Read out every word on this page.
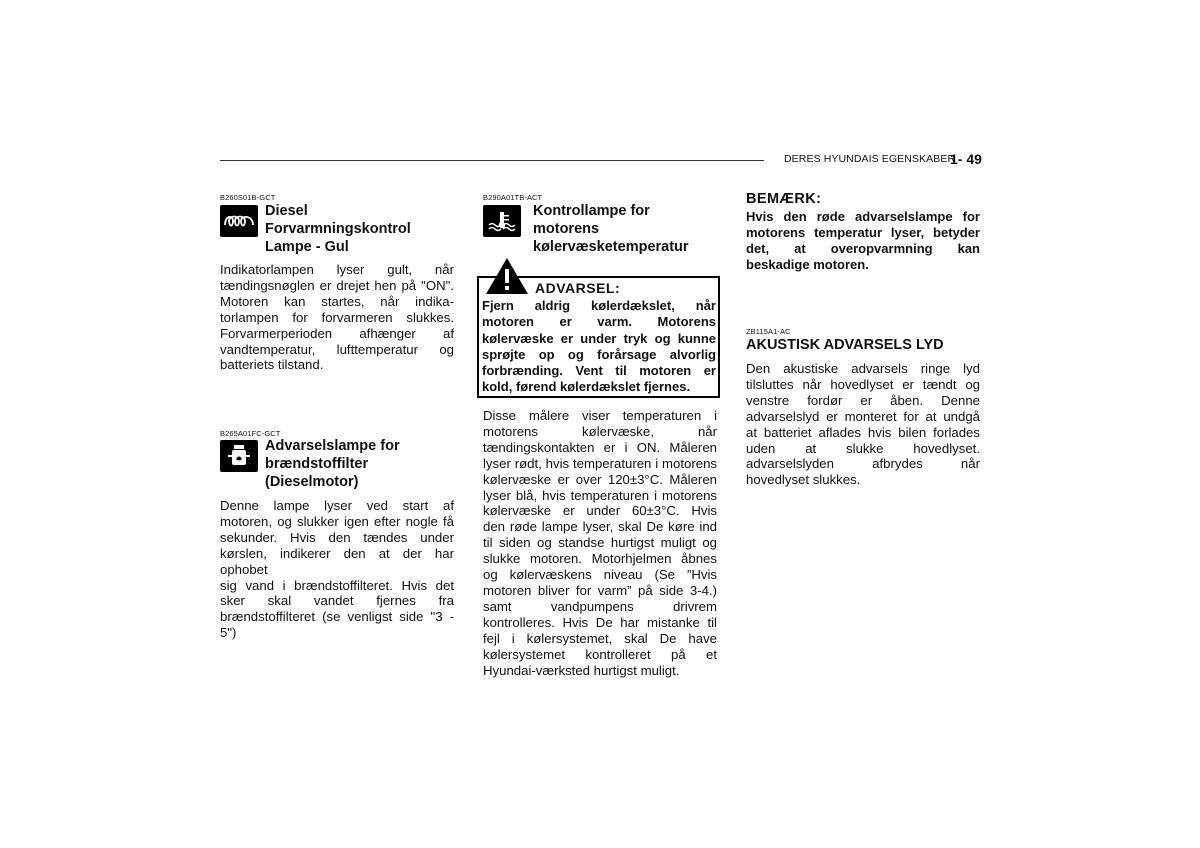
DERES HYUNDAIS EGENSKABER
1- 49
B260S01B-GCT
Diesel
Forvarmningskontrol
Lampe - Gul
Indikatorlampen lyser gult, når
tændingsnøglen er drejet hen på "ON".
Motoren kan startes, når indika-
torlampen for forvarmeren slukkes.
Forvarmerperioden afhænger af
vandtemperatur, lufttemperatur og
batteriets tilstand.
B265A01FC-GCT
Advarselslampe for
brændstoffilter
(Dieselmotor)
Denne lampe lyser ved start af
motoren, og slukker igen efter nogle få
sekunder. Hvis den tændes under
kørslen, indikerer den at der har ophobet
sig vand i brændstoffilteret. Hvis det
sker skal vandet fjernes fra
brændstoffilteret (se venligst side "3 -
5")
B290A01TB-ACT
Kontrollampe for
motorens
kølervæsketemperatur
ADVARSEL:
Fjern aldrig kølerdækslet, når
motoren er varm. Motorens
kølervæske er under tryk og kunne
sprøjte op og forårsage alvorlig
forbrænding. Vent til motoren er
kold, førend kølerdækslet fjernes.
Disse målere viser temperaturen i
motorens kølervæske, når
tændingskontakten er i ON. Måleren
lyser rødt, hvis temperaturen i motorens
kølervæske er over 120±3°C. Måleren
lyser blå, hvis temperaturen i motorens
kølervæske er under 60±3°C. Hvis
den røde lampe lyser, skal De køre ind
til siden og standse hurtigst muligt og
slukke motoren. Motorhjelmen åbnes
og kølervæskens niveau (Se ”Hvis
motoren bliver for varm” på side 3-4.)
samt vandpumpens drivrem
kontrolleres. Hvis De har mistanke til
fejl i kølersystemet, skal De have
kølersystemet kontrolleret på et
Hyundai-værksted hurtigst muligt.
BEMÆRK:
Hvis den røde advarselslampe for
motorens temperatur lyser, betyder
det, at overopvarmning kan
beskadige motoren.
ZB115A1-AC
AKUSTISK ADVARSELS LYD
Den akustiske advarsels ringe lyd
tilsluttes når hovedlyset er tændt og
venstre fordør er åben. Denne
advarselslyd er monteret for at undgå
at batteriet aflades hvis bilen forlades
uden at slukke hovedlyset.
advarselslyden afbrydes når
hovedlyset slukkes.
